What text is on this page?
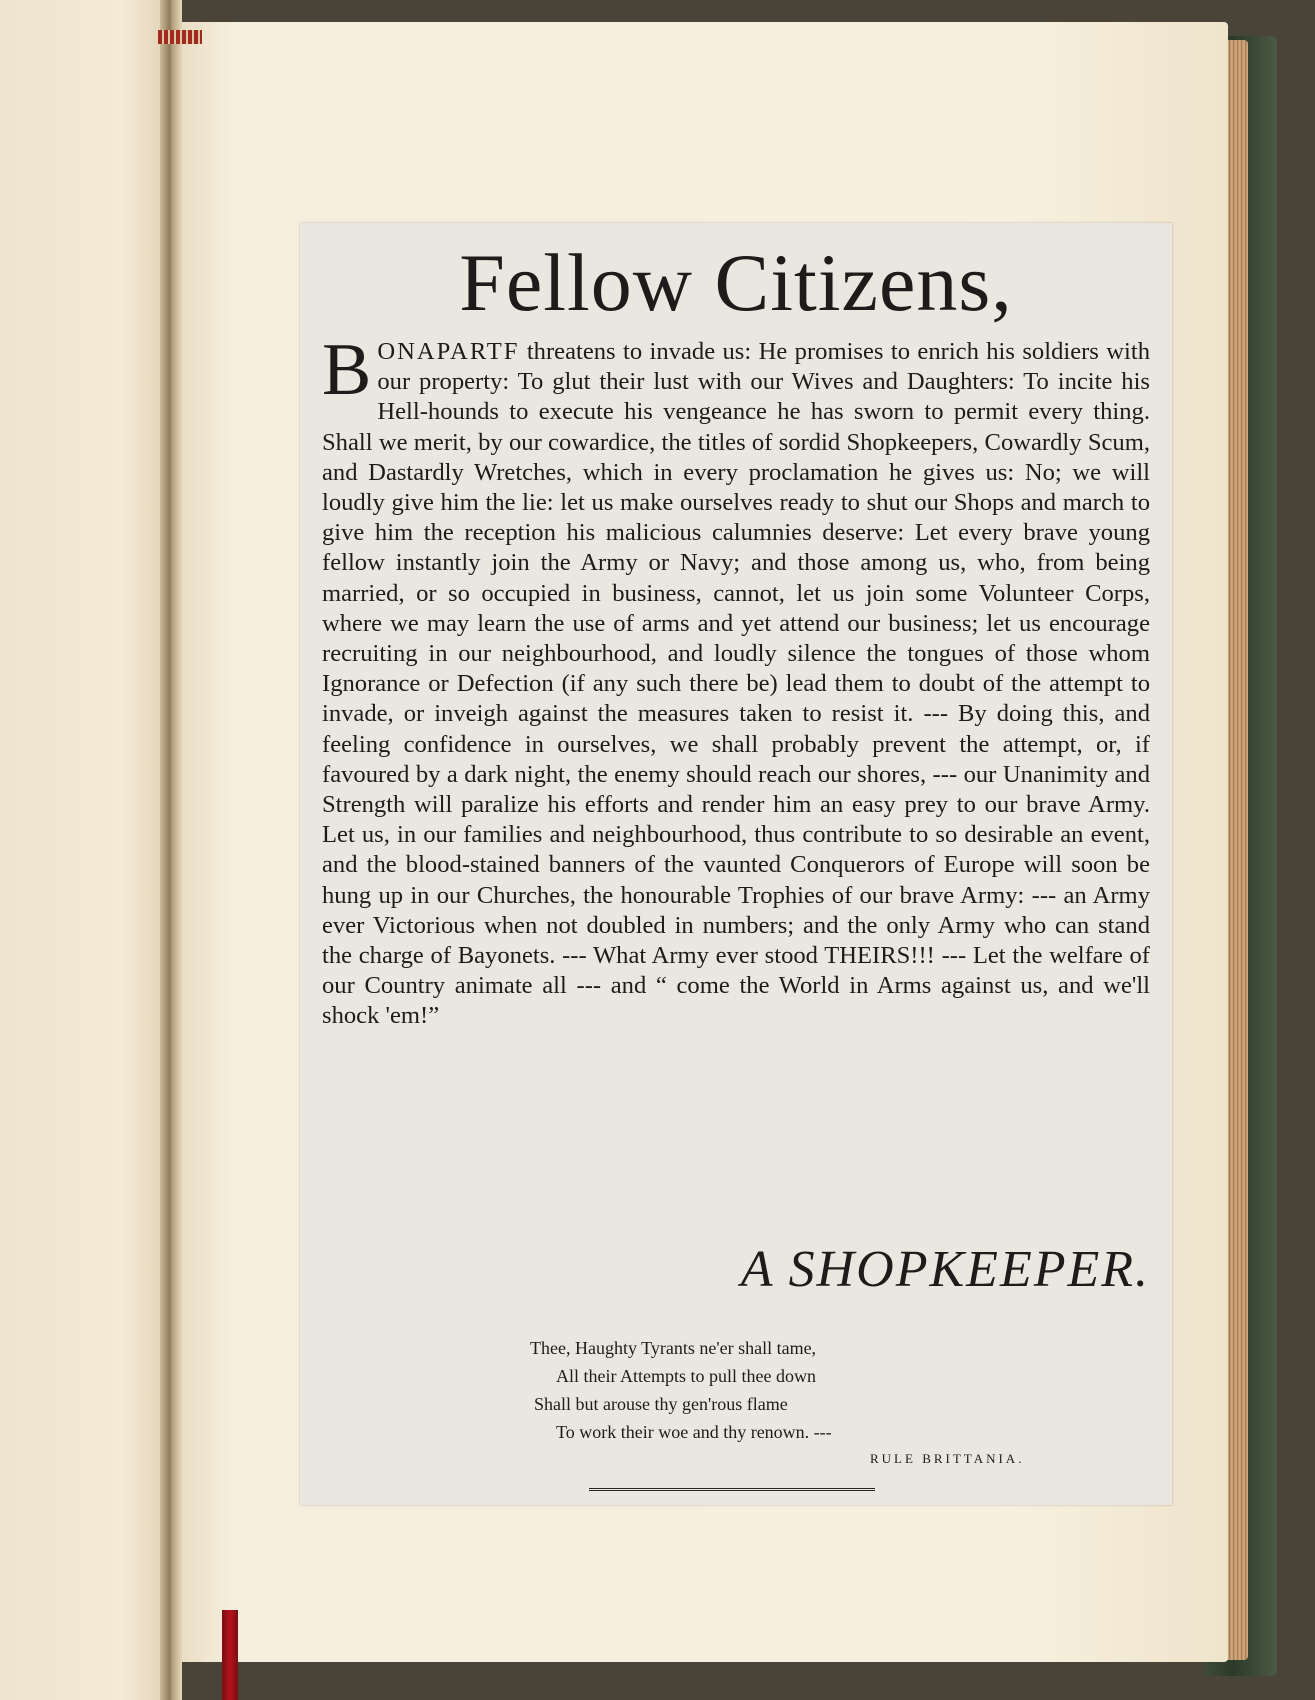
Fellow Citizens,
BONAPARTF threatens to invade us: He promises to enrich his soldiers with our property: To glut their lust with our Wives and Daughters: To incite his Hell-hounds to execute his vengeance he has sworn to permit every thing. Shall we merit, by our cowardice, the titles of sordid Shopkeepers, Cowardly Scum, and Dastardly Wretches, which in every proclamation he gives us: No; we will loudly give him the lie: let us make ourselves ready to shut our Shops and march to give him the reception his malicious calumnies deserve: Let every brave young fellow instantly join the Army or Navy; and those among us, who, from being married, or so occupied in business, cannot, let us join some Volunteer Corps, where we may learn the use of arms and yet attend our business; let us encourage recruiting in our neighbourhood, and loudly silence the tongues of those whom Ignorance or Defection (if any such there be) lead them to doubt of the attempt to invade, or inveigh against the measures taken to resist it. --- By doing this, and feeling confidence in ourselves, we shall probably prevent the attempt, or, if favoured by a dark night, the enemy should reach our shores, --- our Unanimity and Strength will paralize his efforts and render him an easy prey to our brave Army. Let us, in our families and neighbourhood, thus contribute to so desirable an event, and the blood-stained banners of the vaunted Conquerors of Europe will soon be hung up in our Churches, the honourable Trophies of our brave Army: --- an Army ever Victorious when not doubled in numbers; and the only Army who can stand the charge of Bayonets. --- What Army ever stood THEIRS!!! --- Let the welfare of our Country animate all --- and “ come the World in Arms against us, and we'll shock 'em!”
A SHOPKEEPER.
Thee, Haughty Tyrants ne'er shall tame,
All their Attempts to pull thee down
Shall but arouse thy gen'rous flame
To work their woe and thy renown. ---
RULE BRITTANIA.
